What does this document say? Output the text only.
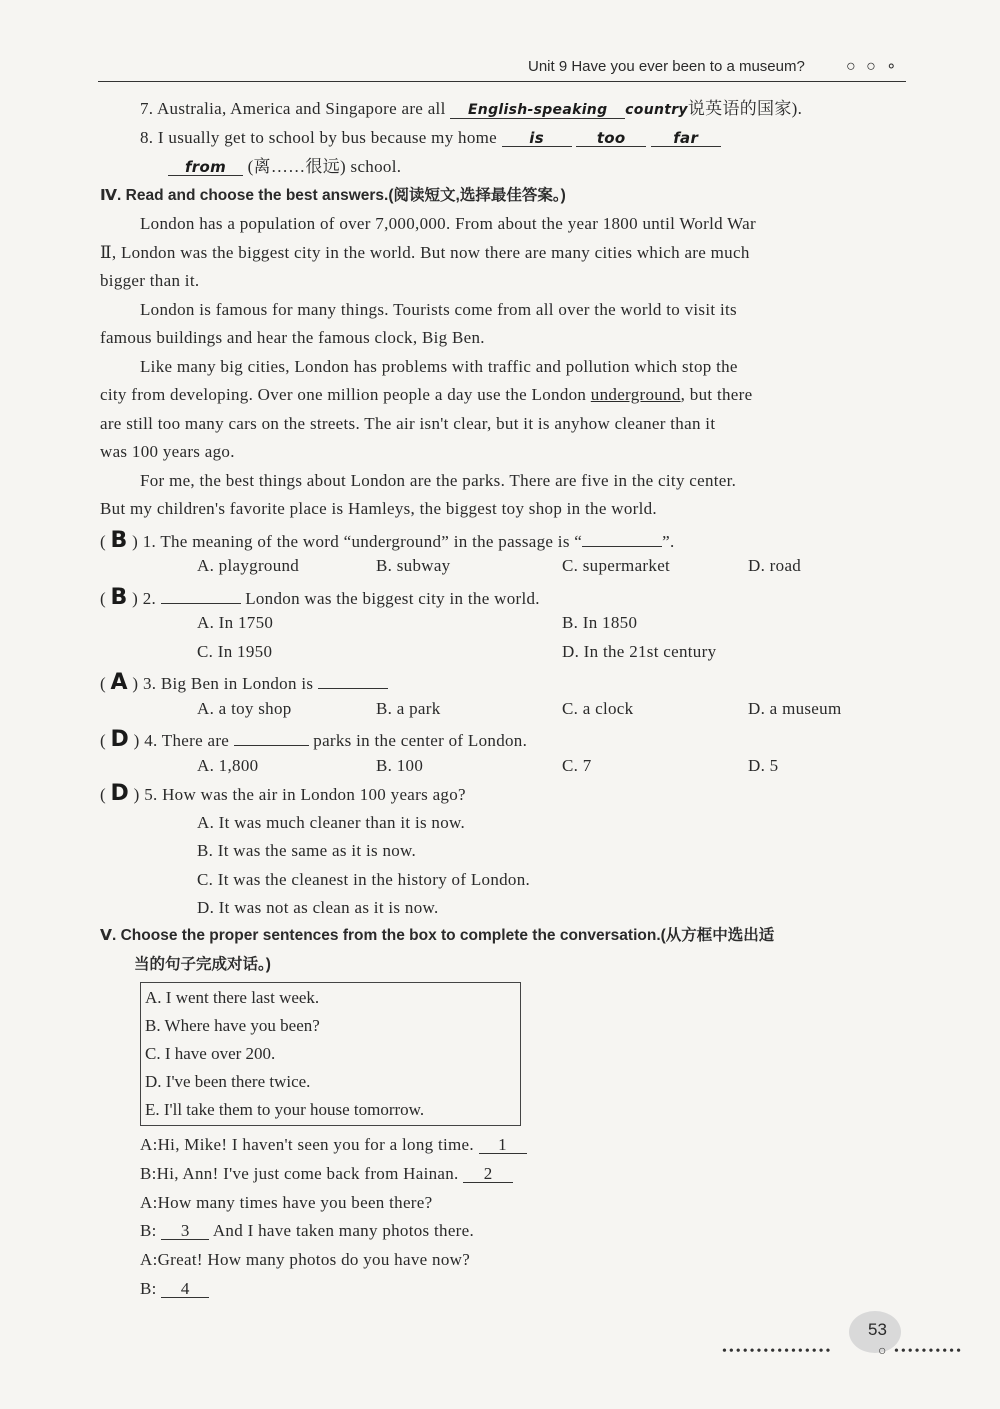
Unit 9 Have you ever been to a museum?	○ ○ ∘
7. Australia, America and Singapore are all English-speaking country说英语的国家).
8. I usually get to school by bus because my home is	too	far
from (离……很远) school.
Ⅳ. Read and choose the best answers.(阅读短文,选择最佳答案。)
London has a population of over 7,000,000. From about the year 1800 until World War
Ⅱ, London was the biggest city in the world. But now there are many cities which are much
bigger than it.
London is famous for many things. Tourists come from all over the world to visit its
famous buildings and hear the famous clock, Big Ben.
Like many big cities, London has problems with traffic and pollution which stop the
city from developing. Over one million people a day use the London underground, but there
are still too many cars on the streets. The air isn't clear, but it is anyhow cleaner than it
was 100 years ago.
For me, the best things about London are the parks. There are five in the city center.
But my children's favorite place is Hamleys, the biggest toy shop in the world.
( B ) 1. The meaning of the word “underground” in the passage is “	”.
A. playground	B. subway	C. supermarket	D. road
( B ) 2.	London was the biggest city in the world.
A. In 1750	B. In 1850
C. In 1950	D. In the 21st century
( A ) 3. Big Ben in London is
A. a toy shop	B. a park	C. a clock	D. a museum
( D ) 4. There are	parks in the center of London.
A. 1,800	B. 100	C. 7	D. 5
( D ) 5. How was the air in London 100 years ago?
A. It was much cleaner than it is now.
B. It was the same as it is now.
C. It was the cleanest in the history of London.
D. It was not as clean as it is now.
Ⅴ. Choose the proper sentences from the box to complete the conversation.(从方框中选出适
当的句子完成对话。)
A. I went there last week.
B. Where have you been?
C. I have over 200.
D. I've been there twice.
E. I'll take them to your house tomorrow.
A:Hi, Mike! I haven't seen you for a long time. 1
B:Hi, Ann! I've just come back from Hainan. 2
A:How many times have you been there?
B: 3 And I have taken many photos there.
A:Great! How many photos do you have now?
B: 4
53
••••••••••••••••	○ ••••••••••
